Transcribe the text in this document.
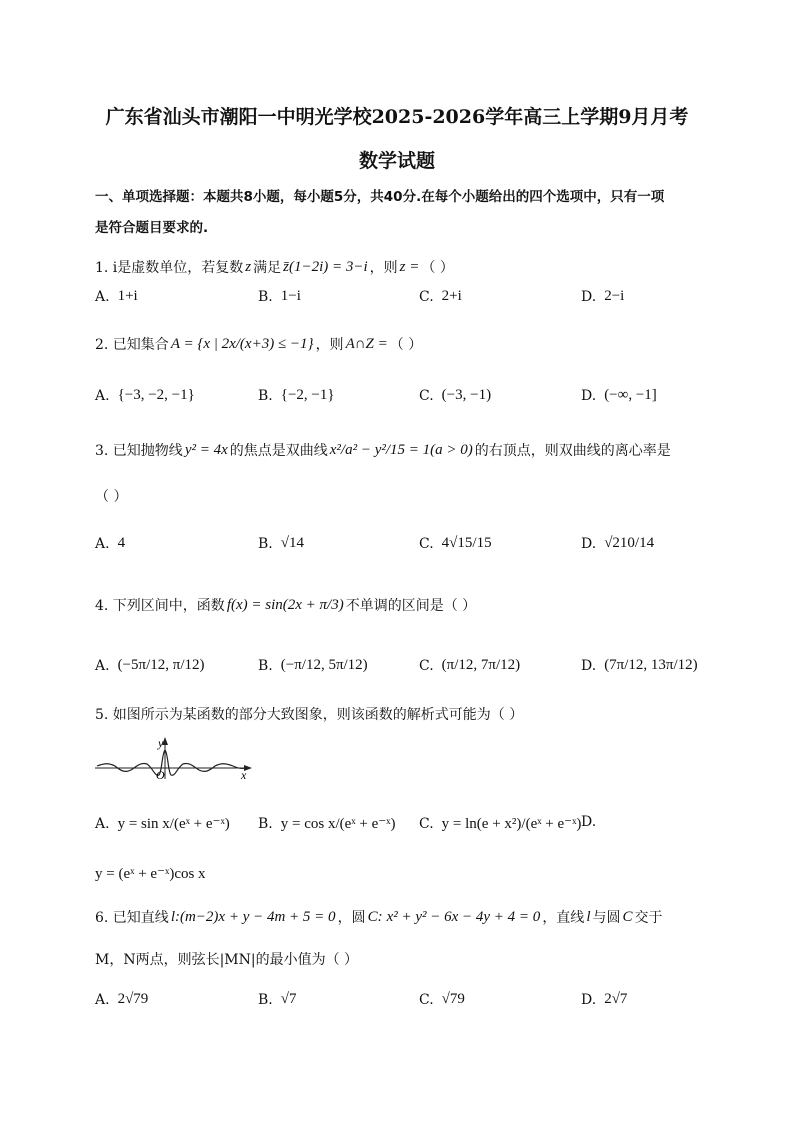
广东省汕头市潮阳一中明光学校2025-2026学年高三上学期9月月考
数学试题
一、单项选择题：本题共8小题，每小题5分，共40分.在每个小题给出的四个选项中，只有一项
是符合题目要求的.
1. i是虚数单位，若复数 z 满足 z̄(1−2i) = 3−i ，则 z = （ ）
A. 1+i	B. 1−i	C. 2+i	D. 2−i
2. 已知集合 A = {x | 2x/(x+3) ≤ −1} ，则 A∩Z = （ ）
A. {−3, −2, −1}	B. {−2, −1}	C. (−3, −1)	D. (−∞, −1]
3. 已知抛物线 y² = 4x 的焦点是双曲线 x²/a² − y²/15 = 1(a > 0) 的右顶点，则双曲线的离心率是
（ ）
A. 4	B. √14	C. 4√15/15	D. √210/14
4. 下列区间中，函数 f(x) = sin(2x + π/3) 不单调的区间是（ ）
A. (−5π/12, π/12)	B. (−π/12, 5π/12)	C. (π/12, 7π/12)	D. (7π/12, 13π/12)
5. 如图所示为某函数的部分大致图象，则该函数的解析式可能为（ ）
y
x
O
A. y = sin x/(eˣ + e⁻ˣ) B. y = cos x/(eˣ + e⁻ˣ) C. y = ln(e + x²)/(eˣ + e⁻ˣ) D.
y = (eˣ + e⁻ˣ)cos x
6. 已知直线 l:(m−2)x + y − 4m + 5 = 0 ，圆 C: x² + y² − 6x − 4y + 4 = 0 ，直线 l 与圆 C 交于
M，N两点，则弦长|MN|的最小值为（ ）
A. 2√79	B. √7	C. √79	D. 2√7
